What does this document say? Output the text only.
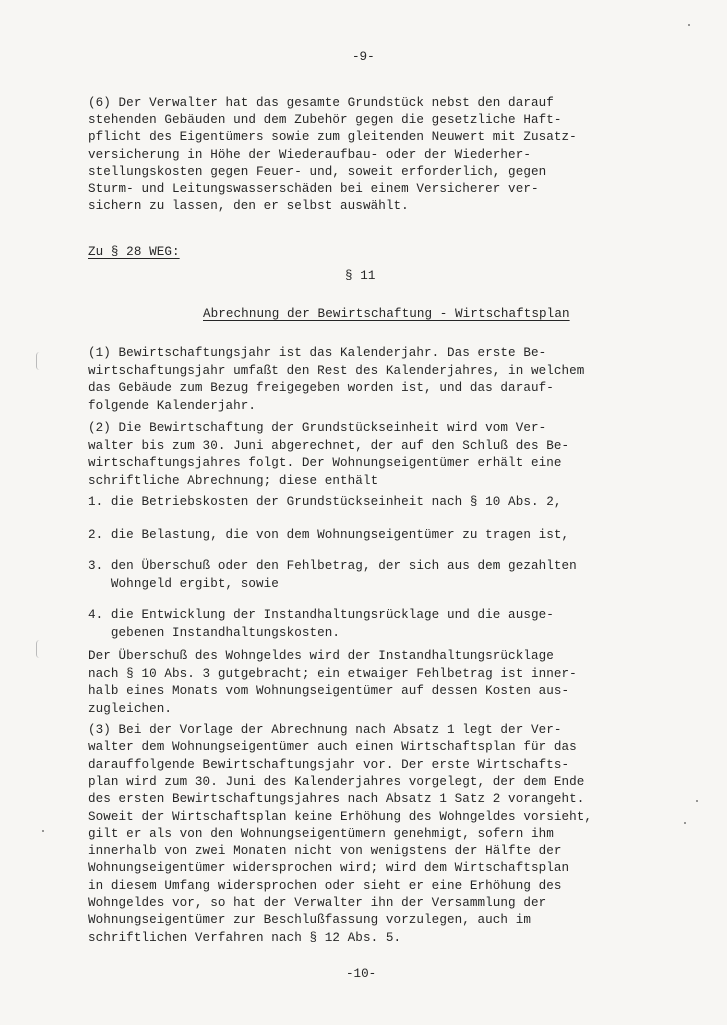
-9-
(6) Der Verwalter hat das gesamte Grundstück nebst den darauf
stehenden Gebäuden und dem Zubehör gegen die gesetzliche Haft-
pflicht des Eigentümers sowie zum gleitenden Neuwert mit Zusatz-
versicherung in Höhe der Wiederaufbau- oder der Wiederher-
stellungskosten gegen Feuer- und, soweit erforderlich, gegen
Sturm- und Leitungswasserschäden bei einem Versicherer ver-
sichern zu lassen, den er selbst auswählt.
Zu § 28 WEG:
§ 11
Abrechnung der Bewirtschaftung - Wirtschaftsplan
(1) Bewirtschaftungsjahr ist das Kalenderjahr. Das erste Be-
wirtschaftungsjahr umfaßt den Rest des Kalenderjahres, in welchem
das Gebäude zum Bezug freigegeben worden ist, und das darauf-
folgende Kalenderjahr.
(2) Die Bewirtschaftung der Grundstückseinheit wird vom Ver-
walter bis zum 30. Juni abgerechnet, der auf den Schluß des Be-
wirtschaftungsjahres folgt. Der Wohnungseigentümer erhält eine
schriftliche Abrechnung; diese enthält
1. die Betriebskosten der Grundstückseinheit nach § 10 Abs. 2,
2. die Belastung, die von dem Wohnungseigentümer zu tragen ist,
3. den Überschuß oder den Fehlbetrag, der sich aus dem gezahlten
Wohngeld ergibt, sowie
4. die Entwicklung der Instandhaltungsrücklage und die ausge-
gebenen Instandhaltungskosten.
Der Überschuß des Wohngeldes wird der Instandhaltungsrücklage
nach § 10 Abs. 3 gutgebracht; ein etwaiger Fehlbetrag ist inner-
halb eines Monats vom Wohnungseigentümer auf dessen Kosten aus-
zugleichen.
(3) Bei der Vorlage der Abrechnung nach Absatz 1 legt der Ver-
walter dem Wohnungseigentümer auch einen Wirtschaftsplan für das
darauffolgende Bewirtschaftungsjahr vor. Der erste Wirtschafts-
plan wird zum 30. Juni des Kalenderjahres vorgelegt, der dem Ende
des ersten Bewirtschaftungsjahres nach Absatz 1 Satz 2 vorangeht.
Soweit der Wirtschaftsplan keine Erhöhung des Wohngeldes vorsieht,
gilt er als von den Wohnungseigentümern genehmigt, sofern ihm
innerhalb von zwei Monaten nicht von wenigstens der Hälfte der
Wohnungseigentümer widersprochen wird; wird dem Wirtschaftsplan
in diesem Umfang widersprochen oder sieht er eine Erhöhung des
Wohngeldes vor, so hat der Verwalter ihn der Versammlung der
Wohnungseigentümer zur Beschlußfassung vorzulegen, auch im
schriftlichen Verfahren nach § 12 Abs. 5.
-10-
